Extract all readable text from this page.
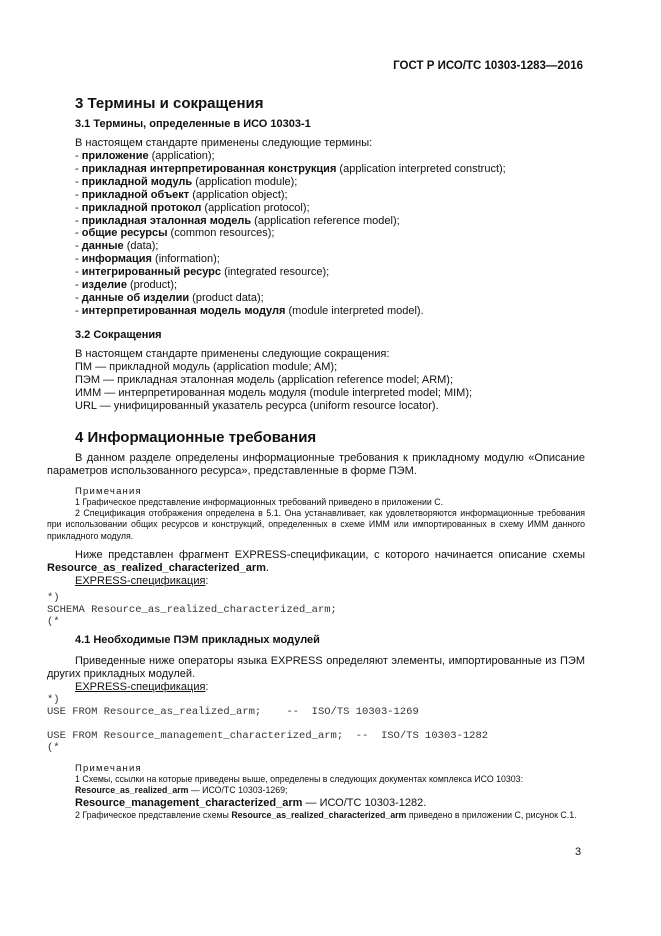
ГОСТ Р ИСО/ТС 10303-1283—2016

3 Термины и сокращения

3.1 Термины, определенные в ИСО 10303-1

В настоящем стандарте применены следующие термины:

- приложение (application);
- прикладная интерпретированная конструкция (application interpreted construct);
- прикладной модуль (application module);
- прикладной объект (application object);
- прикладной протокол (application protocol);
- прикладная эталонная модель (application reference model);
- общие ресурсы (common resources);
- данные (data);
- информация (information);
- интегрированный ресурс (integrated resource);
- изделие (product);
- данные об изделии (product data);
- интерпретированная модель модуля (module interpreted model).

3.2 Сокращения

В настоящем стандарте применены следующие сокращения:

ПМ — прикладной модуль (application module; AM);

ПЭМ — прикладная эталонная модель (application reference model; ARM);

ИММ — интерпретированная модель модуля (module interpreted model; MIM);

URL — унифицированный указатель ресурса (uniform resource locator).

4 Информационные требования

В данном разделе определены информационные требования к прикладному модулю «Описание параметров использованного ресурса», представленные в форме ПЭМ.

Примечания

1 Графическое представление информационных требований приведено в приложении С.

2 Спецификация отображения определена в 5.1. Она устанавливает, как удовлетворяются информационные требования при использовании общих ресурсов и конструкций, определенных в схеме ИММ или импортированных в схему ИММ данного прикладного модуля.

Ниже представлен фрагмент EXPRESS-спецификации, с которого начинается описание схемы Resource_as_realized_characterized_arm.

EXPRESS-спецификация:

*)

SCHEMA Resource_as_realized_characterized_arm;

(*

4.1 Необходимые ПЭМ прикладных модулей

Приведенные ниже операторы языка EXPRESS определяют элементы, импортированные из ПЭМ других прикладных модулей.

EXPRESS-спецификация:

*)

USE FROM Resource_as_realized_arm;    --  ISO/TS 10303-1269

USE FROM Resource_management_characterized_arm;  --  ISO/TS 10303-1282

(*

Примечания

1 Схемы, ссылки на которые приведены выше, определены в следующих документах комплекса ИСО 10303:

Resource_as_realized_arm — ИСО/ТС 10303-1269;

Resource_management_characterized_arm — ИСО/ТС 10303-1282.

2 Графическое представление схемы Resource_as_realized_characterized_arm приведено в приложении С, рисунок С.1.

3
